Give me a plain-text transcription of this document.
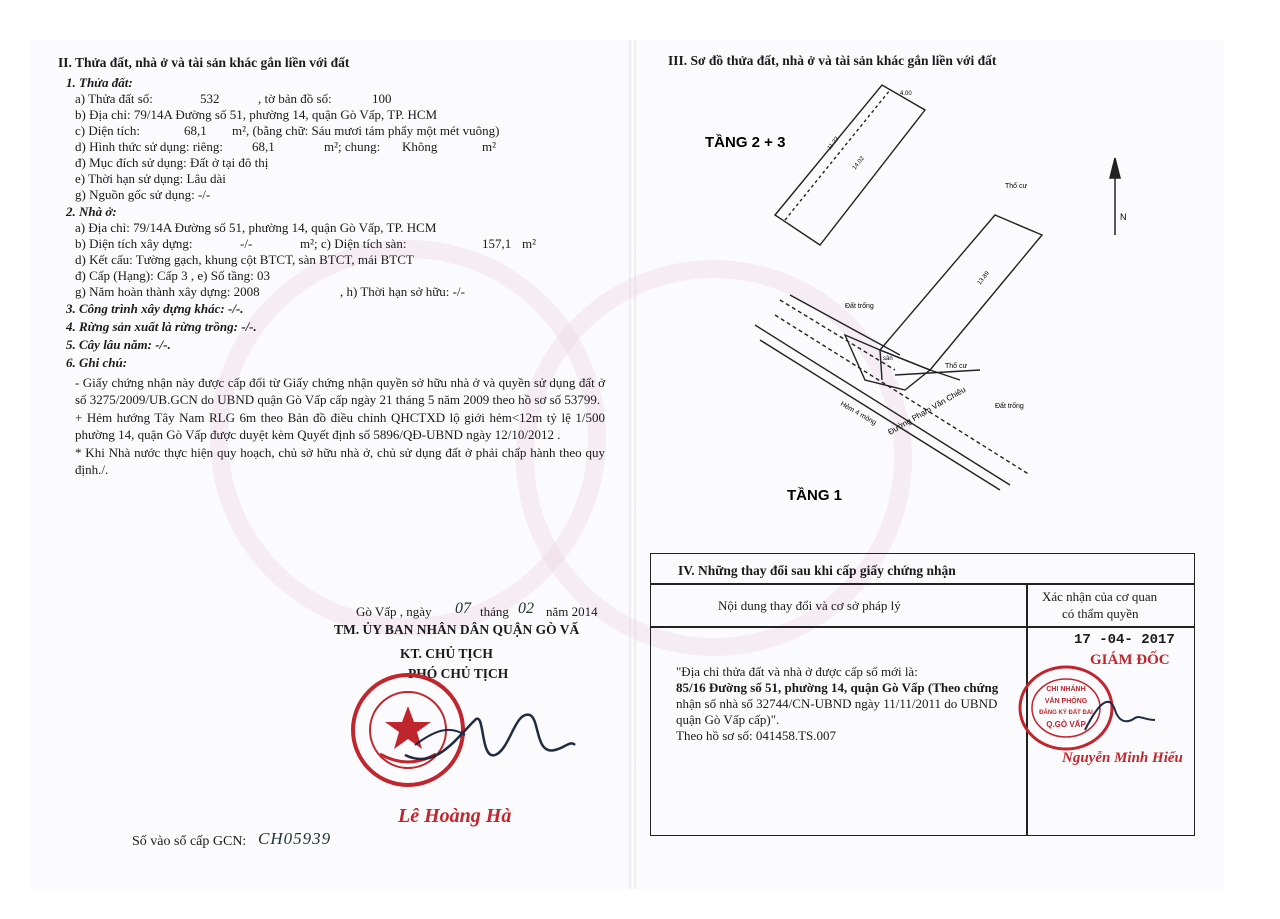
II. Thửa đất, nhà ở và tài sản khác gắn liền với đất
1. Thửa đất:
a) Thửa đất số:	532	, tờ bản đồ số:	100
b) Địa chỉ: 79/14A Đường số 51, phường 14, quận Gò Vấp, TP. HCM
c) Diện tích:	68,1 m², (bằng chữ: Sáu mươi tám phẩy một mét vuông)
d) Hình thức sử dụng: riêng: 68,1	m²; chung: Không	m²
đ) Mục đích sử dụng: Đất ở tại đô thị
e) Thời hạn sử dụng: Lâu dài
g) Nguồn gốc sử dụng: -/-
2. Nhà ở:
a) Địa chỉ: 79/14A Đường số 51, phường 14, quận Gò Vấp, TP. HCM
b) Diện tích xây dựng:	-/-	m²; c) Diện tích sàn:	157,1 m²
d) Kết cấu: Tường gạch, khung cột BTCT, sàn BTCT, mái BTCT
đ) Cấp (Hạng): Cấp 3 , e) Số tầng: 03
g) Năm hoàn thành xây dựng: 2008	, h) Thời hạn sở hữu: -/-
3. Công trình xây dựng khác: -/-.
4. Rừng sản xuất là rừng trồng: -/-.
5. Cây lâu năm: -/-.
6. Ghi chú:

- Giấy chứng nhận này được cấp đổi từ Giấy chứng nhận quyền sở hữu nhà ở và quyền sử dụng đất ở số 3275/2009/UB.GCN do UBND quận Gò Vấp cấp ngày 21 tháng 5 năm 2009 theo hồ sơ số 53799.

+ Hẻm hướng Tây Nam RLG 6m theo Bản đồ điều chỉnh QHCTXD lộ giới hẻm<12m tỷ lệ 1/500 phường 14, quận Gò Vấp được duyệt kèm Quyết định số 5896/QĐ-UBND ngày 12/10/2012 .

* Khi Nhà nước thực hiện quy hoạch, chủ sở hữu nhà ở, chủ sử dụng đất ở phải chấp hành theo quy định./.

Gò Vấp , ngày 07 tháng 02 năm 2014
TM. ỦY BAN NHÂN DÂN QUẬN GÒ VẤ
KT. CHỦ TỊCH
PHÓ CHỦ TỊCH
Lê Hoàng Hà
Số vào sổ cấp GCN: CH05939
III. Sơ đồ thửa đất, nhà ở và tài sản khác gắn liền với đất
N
TẦNG 2 + 3
TẦNG 1
Đường Phạm Văn Chiêu
Hẻm 4 mông
Đất trống
Đất trống
Thổ cư
Thổ cư
11.22
14.02
4.00
13.89
sân
IV. Những thay đổi sau khi cấp giấy chứng nhận
Nội dung thay đổi và cơ sở pháp lý
Xác nhận của cơ quan
có thẩm quyền
"Địa chỉ thửa đất và nhà ở được cấp số mới là:
85/16 Đường số 51, phường 14, quận Gò Vấp (Theo chứng
nhận số nhà số 32744/CN-UBND ngày 11/11/2011 do UBND
quận Gò Vấp cấp)".
Theo hồ sơ số: 041458.TS.007
17 -04- 2017
GIÁM ĐỐC
CHI NHÁNH
VĂN PHÒNG
ĐĂNG KÝ ĐẤT ĐAI
Q.GÒ VẤP
Nguyễn Minh Hiếu
